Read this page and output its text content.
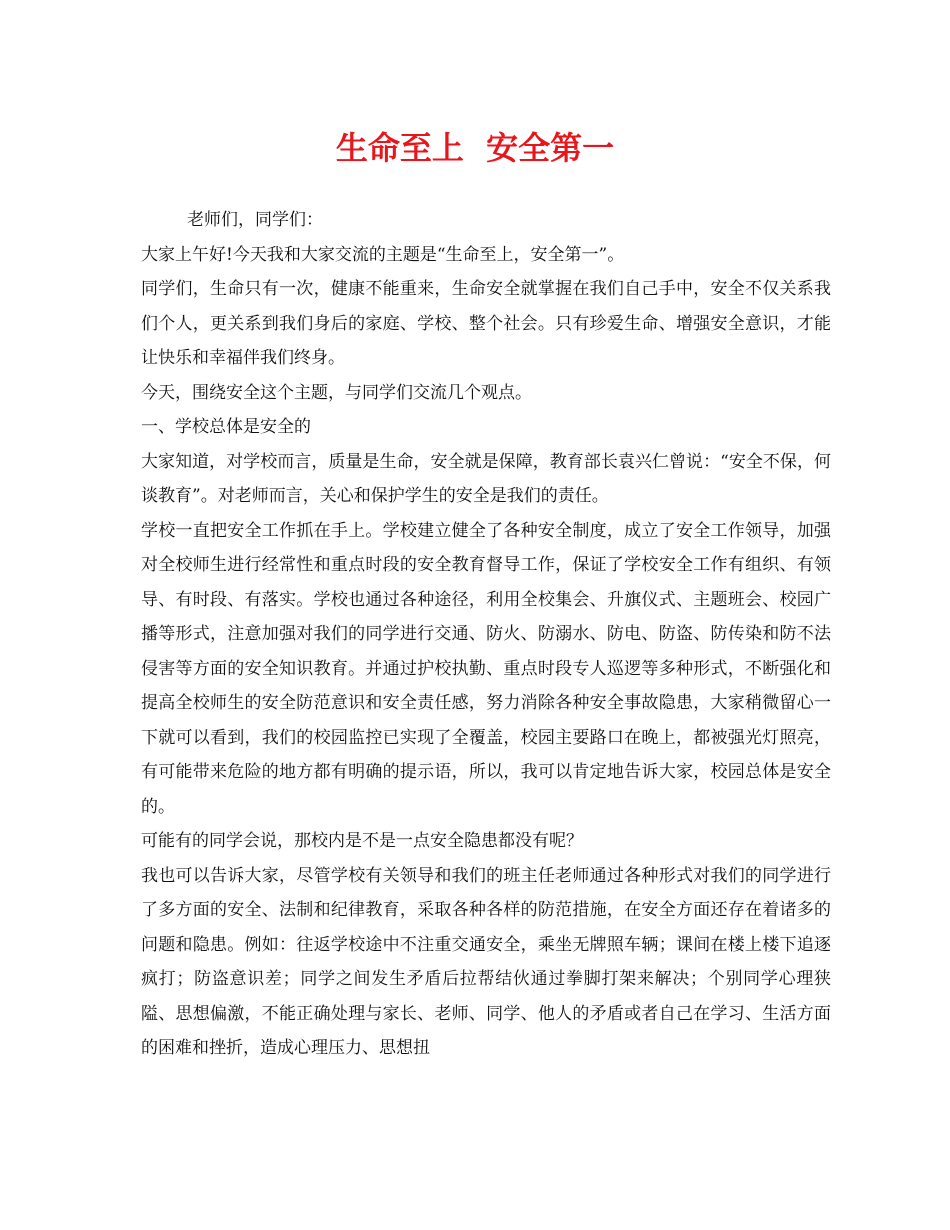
生命至上  安全第一

老师们，同学们：

大家上午好!今天我和大家交流的主题是“生命至上，安全第一”。

同学们，生命只有一次，健康不能重来，生命安全就掌握在我们自己手中，安全不仅关系我们个人，更关系到我们身后的家庭、学校、整个社会。只有珍爱生命、增强安全意识，才能让快乐和幸福伴我们终身。

今天，围绕安全这个主题，与同学们交流几个观点。

一、学校总体是安全的

大家知道，对学校而言，质量是生命，安全就是保障，教育部长袁兴仁曾说：“安全不保，何谈教育”。对老师而言，关心和保护学生的安全是我们的责任。

学校一直把安全工作抓在手上。学校建立健全了各种安全制度，成立了安全工作领导，加强对全校师生进行经常性和重点时段的安全教育督导工作，保证了学校安全工作有组织、有领导、有时段、有落实。学校也通过各种途径，利用全校集会、升旗仪式、主题班会、校园广播等形式，注意加强对我们的同学进行交通、防火、防溺水、防电、防盗、防传染和防不法侵害等方面的安全知识教育。并通过护校执勤、重点时段专人巡逻等多种形式，不断强化和提高全校师生的安全防范意识和安全责任感，努力消除各种安全事故隐患，大家稍微留心一下就可以看到，我们的校园监控已实现了全覆盖，校园主要路口在晚上，都被强光灯照亮，有可能带来危险的地方都有明确的提示语，所以，我可以肯定地告诉大家，校园总体是安全的。

可能有的同学会说，那校内是不是一点安全隐患都没有呢？

我也可以告诉大家，尽管学校有关领导和我们的班主任老师通过各种形式对我们的同学进行了多方面的安全、法制和纪律教育，采取各种各样的防范措施，在安全方面还存在着诸多的问题和隐患。例如：往返学校途中不注重交通安全，乘坐无牌照车辆；课间在楼上楼下追逐疯打；防盗意识差；同学之间发生矛盾后拉帮结伙通过拳脚打架来解决；个别同学心理狭隘、思想偏激，不能正确处理与家长、老师、同学、他人的矛盾或者自己在学习、生活方面的困难和挫折，造成心理压力、思想扭
